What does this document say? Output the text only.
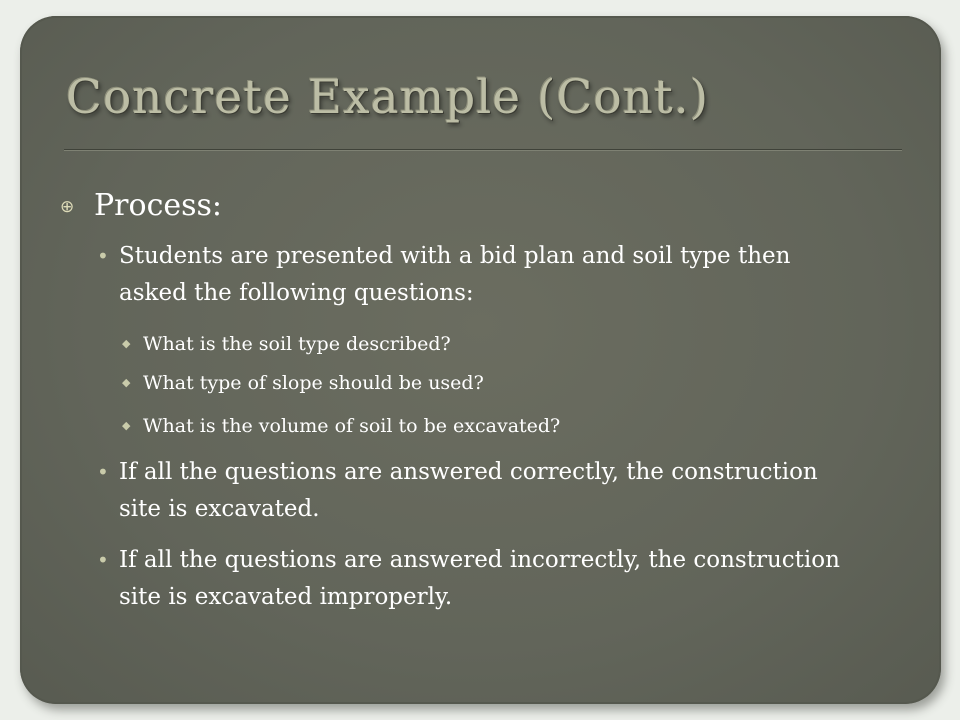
Concrete Example (Cont.)
⊕ Process:
• Students are presented with a bid plan and soil type then asked the following questions:
◆ What is the soil type described?
◆ What type of slope should be used?
◆ What is the volume of soil to be excavated?
• If all the questions are answered correctly, the construction site is excavated.
• If all the questions are answered incorrectly, the construction site is excavated improperly.
